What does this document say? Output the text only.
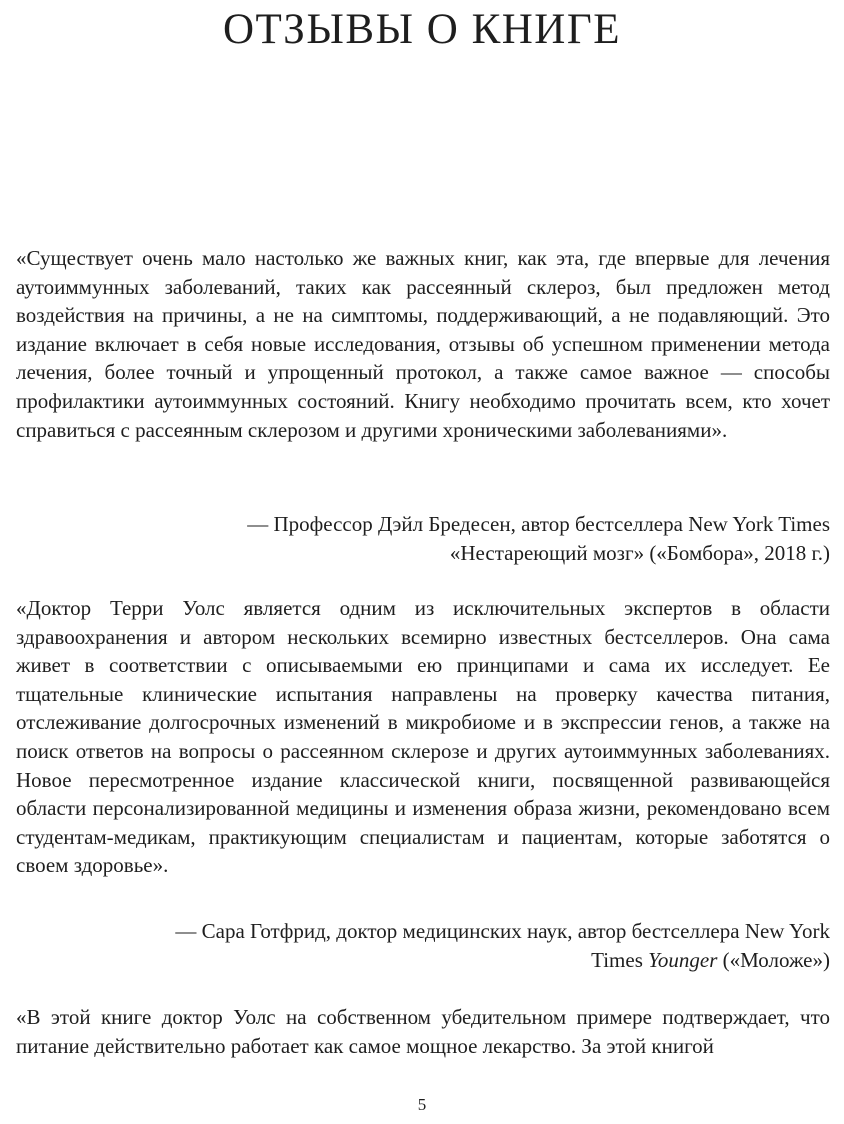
ОТЗЫВЫ О КНИГЕ

«Существует очень мало настолько же важных книг, как эта, где впервые для лечения аутоиммунных заболеваний, таких как рассеянный склероз, был предложен метод воздействия на причины, а не на симптомы, поддерживающий, а не подавляющий. Это издание включает в себя новые исследования, отзывы об успешном применении метода лечения, более точный и упрощенный протокол, а также самое важное — способы профилактики аутоиммунных состояний. Книгу необходимо прочитать всем, кто хочет справиться с рассеянным склерозом и другими хроническими заболеваниями».

— Профессор Дэйл Бредесен, автор бестселлера New York Times

«Нестареющий мозг» («Бомбора», 2018 г.)

«Доктор Терри Уолс является одним из исключительных экспертов в области здравоохранения и автором нескольких всемирно известных бестселлеров. Она сама живет в соответствии с описываемыми ею принципами и сама их исследует. Ее тщательные клинические испытания направлены на проверку качества питания, отслеживание долгосрочных изменений в микробиоме и в экспрессии генов, а также на поиск ответов на вопросы о рассеянном склерозе и других аутоиммунных заболеваниях. Новое пересмотренное издание классической книги, посвященной развивающейся области персонализированной медицины и изменения образа жизни, рекомендовано всем студентам-медикам, практикующим специалистам и пациентам, которые заботятся о своем здоровье».

— Сара Готфрид, доктор медицинских наук, автор бестселлера New York

Times Younger («Моложе»)

«В этой книге доктор Уолс на собственном убедительном примере подтверждает, что питание действительно работает как самое мощное лекарство. За этой книгой

5
